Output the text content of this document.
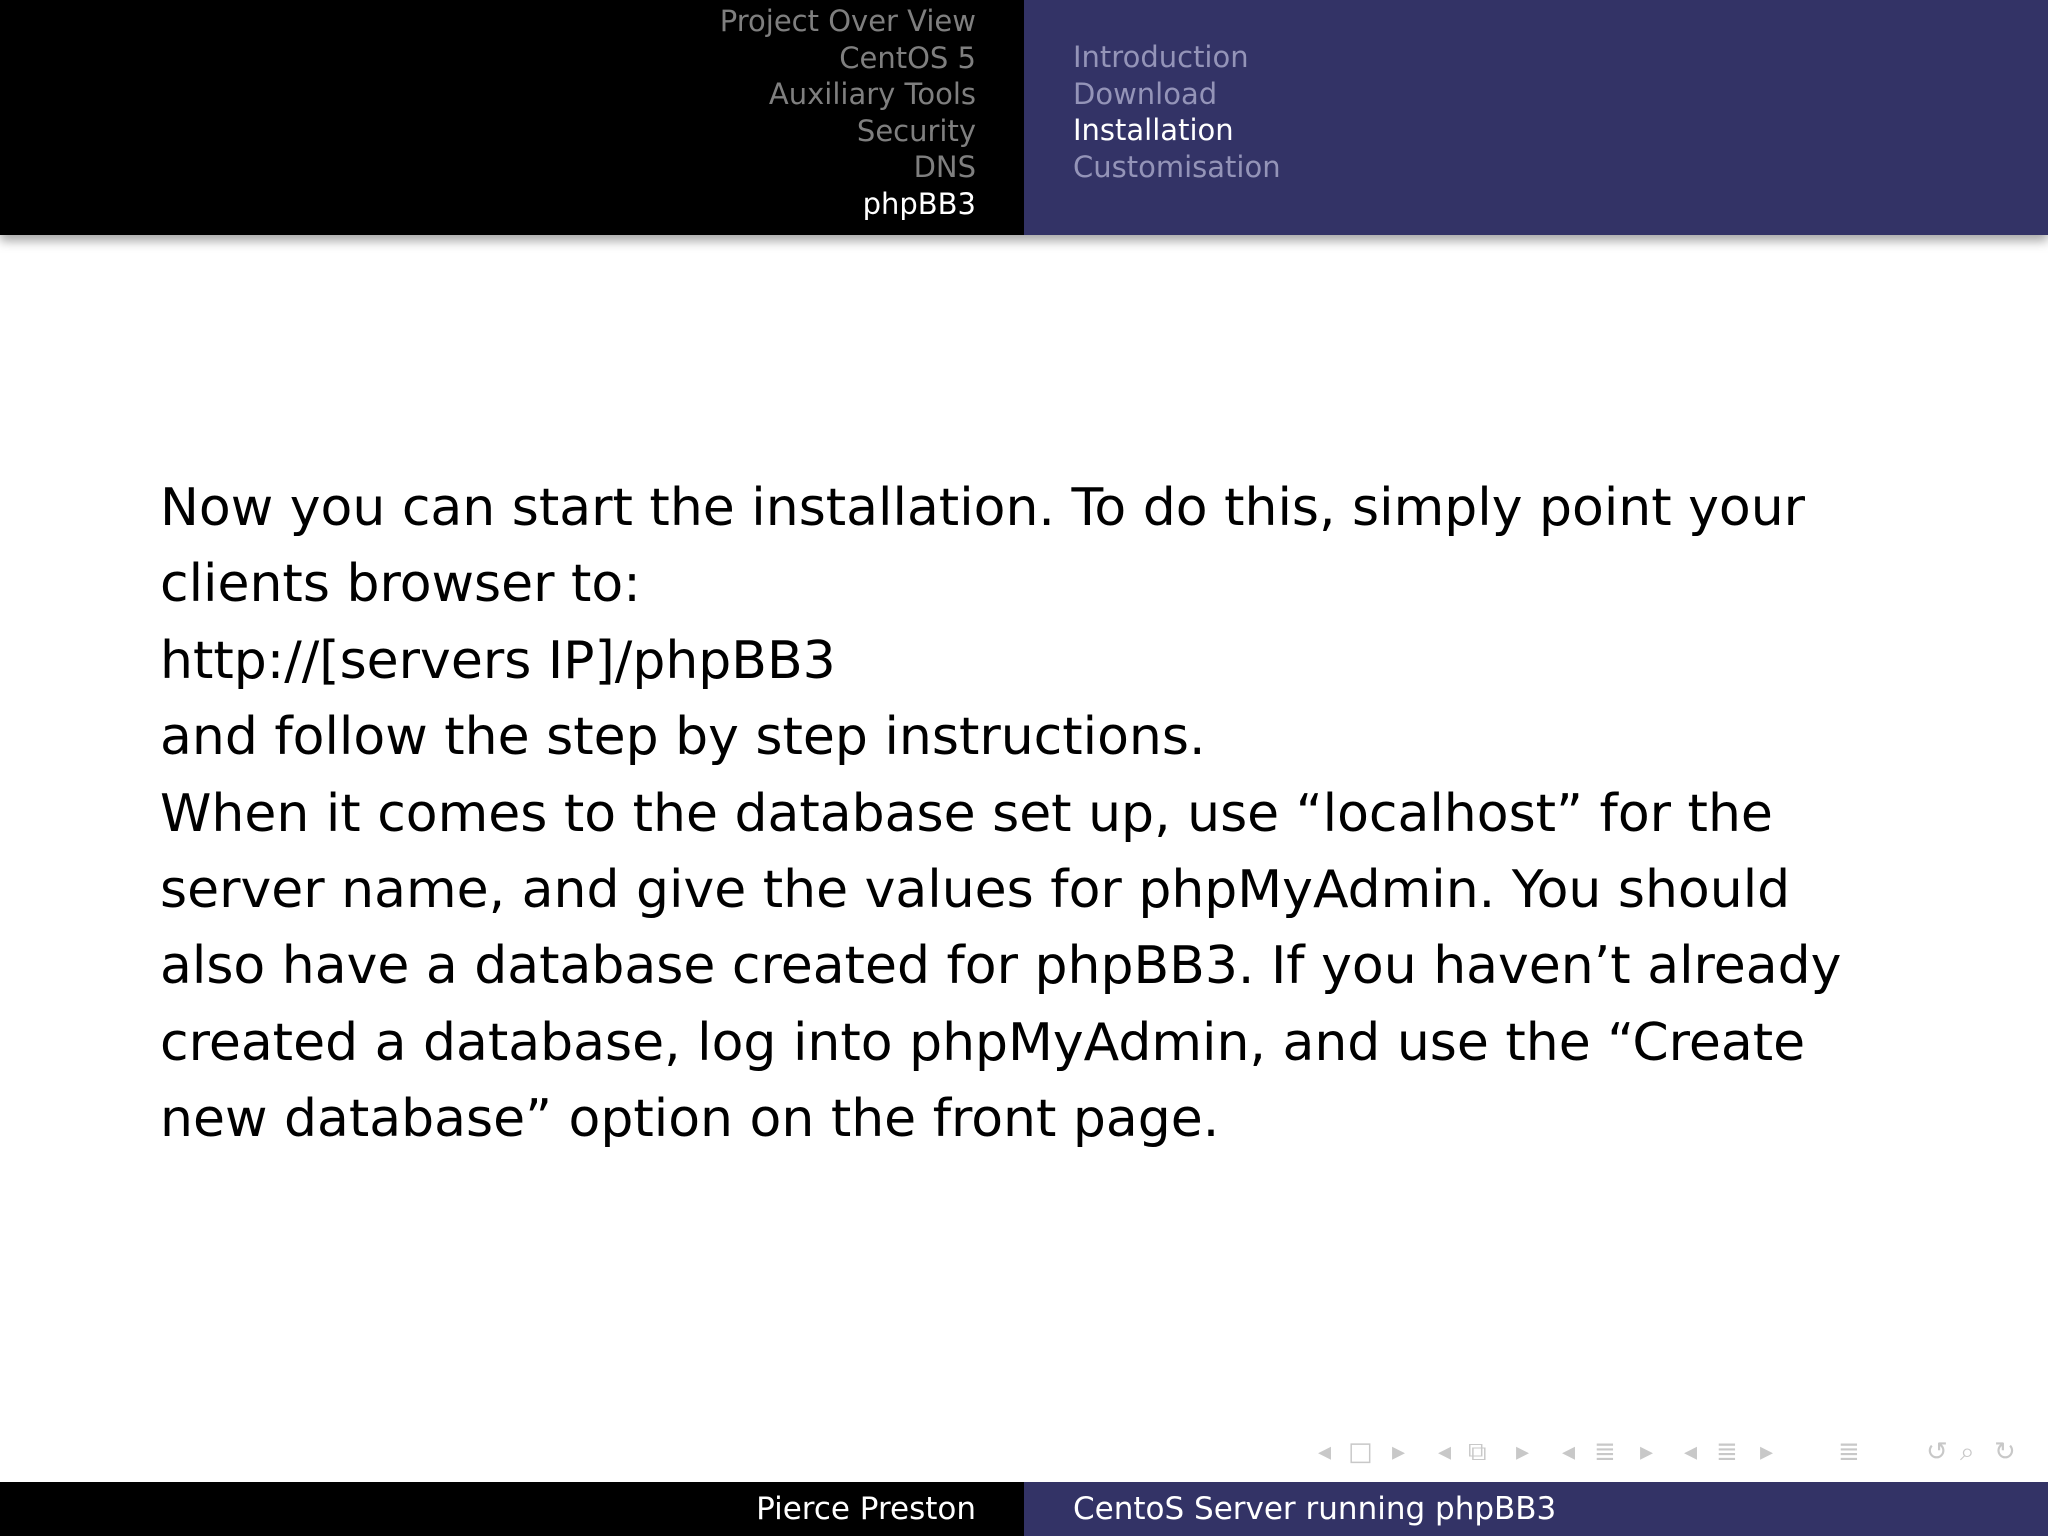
Project Over View
CentOS 5
Auxiliary Tools
Security
DNS
phpBB3
Introduction
Download
Installation
Customisation

Now you can start the installation. To do this, simply point your

clients browser to:

http://[servers IP]/phpBB3

and follow the step by step instructions.

When it comes to the database set up, use “localhost” for the

server name, and give the values for phpMyAdmin. You should

also have a database created for phpBB3. If you haven’t already

created a database, log into phpMyAdmin, and use the “Create

new database” option on the front page.

◂ □ ▸ ◂ ⧉ ▸ ◂ ≣ ▸ ◂ ≣ ▸ ≣	↺ ⌕ ↻
Pierce Preston	CentoS Server running phpBB3
